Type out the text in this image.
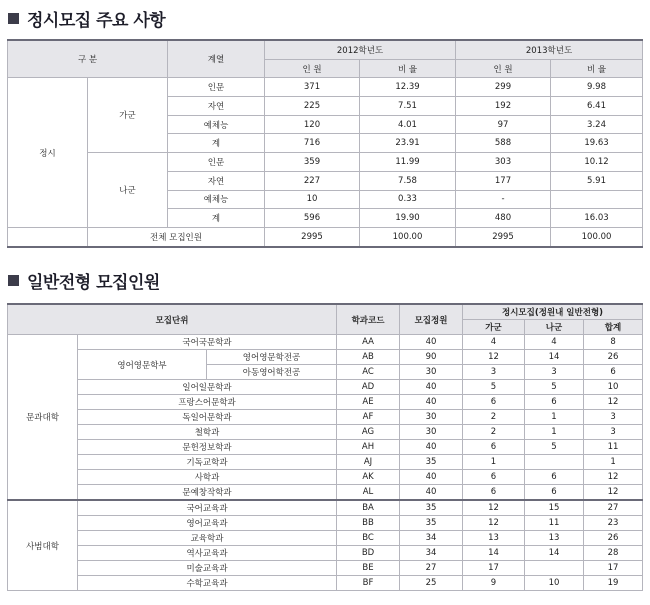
정시모집 주요 사항
구 분		계열	2012학년도		2013학년도	
			인 원	비 율	인 원	비 율
정시	가군	인문	371	12.39	299	9.98
		자연	225	7.51	192	6.41
		예체능	120	4.01	97	3.24
		계	716	23.91	588	19.63
	나군	인문	359	11.99	303	10.12
		자연	227	7.58	177	5.91
		예체능	10	0.33	-	
		계	596	19.90	480	16.03
	전체 모집인원		2995	100.00	2995	100.00
일반전형 모집인원
모집단위			학과코드	모집정원	정시모집(정원내 일반전형)		
					가군	나군	합계
문과대학	국어국문학과		AA	40	4	4	8
	영어영문학부	영어영문학전공	AB	90	12	14	26
		아동영어학전공	AC	30	3	3	6
	일어일문학과		AD	40	5	5	10
	프랑스어문학과		AE	40	6	6	12
	독일어문학과		AF	30	2	1	3
	철학과		AG	30	2	1	3
	문헌정보학과		AH	40	6	5	11
	기독교학과		AJ	35	1		1
	사학과		AK	40	6	6	12
	문예창작학과		AL	40	6	6	12
사범대학	국어교육과		BA	35	12	15	27
	영어교육과		BB	35	12	11	23
	교육학과		BC	34	13	13	26
	역사교육과		BD	34	14	14	28
	미술교육과		BE	27	17		17
	수학교육과		BF	25	9	10	19
